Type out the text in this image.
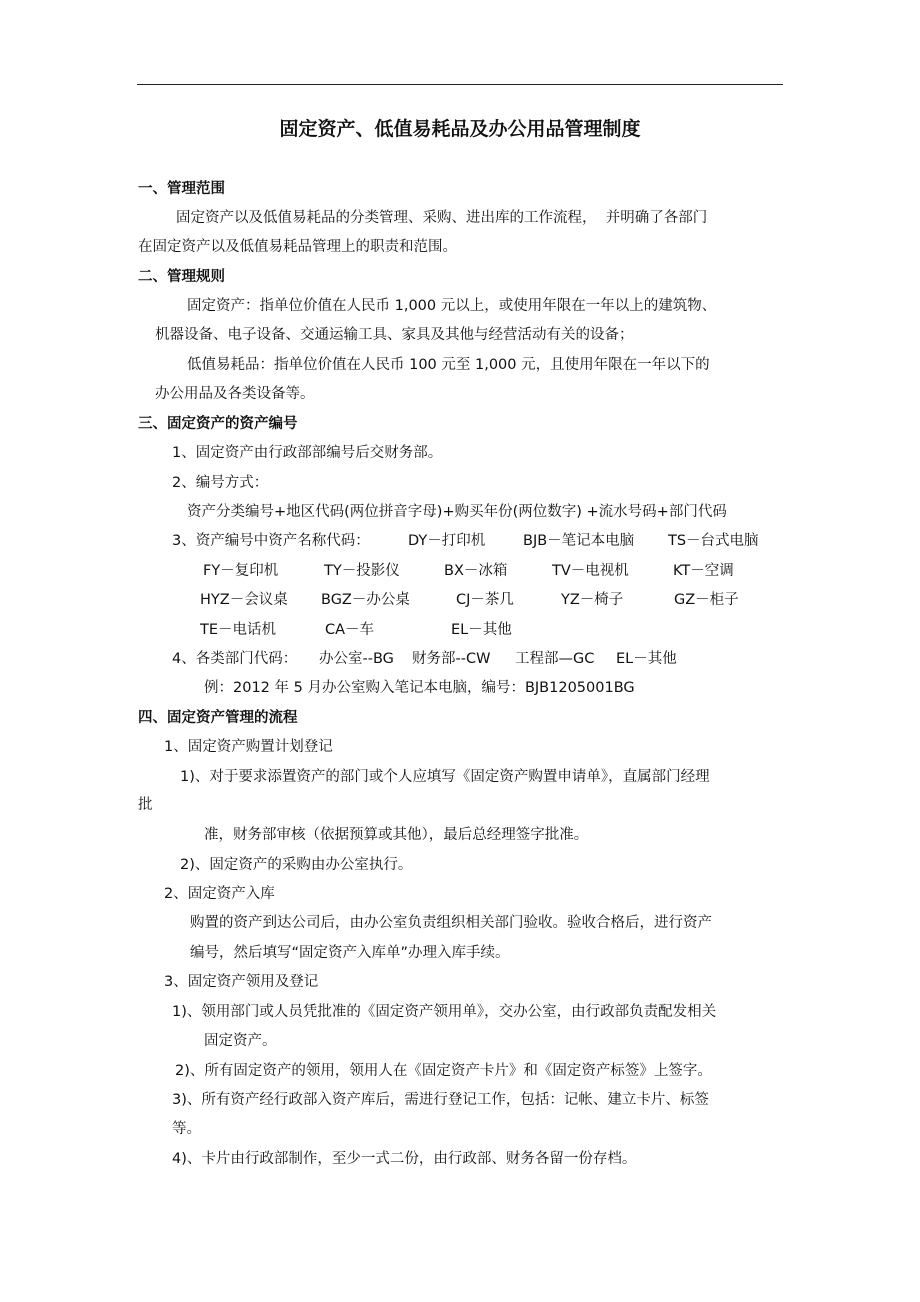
固定资产、低值易耗品及办公用品管理制度
一、管理范围
固定资产以及低值易耗品的分类管理、采购、进出库的工作流程，  并明确了各部门
在固定资产以及低值易耗品管理上的职责和范围。
二、管理规则
固定资产：指单位价值在人民币 1,000 元以上，或使用年限在一年以上的建筑物、
机器设备、电子设备、交通运输工具、家具及其他与经营活动有关的设备；
低值易耗品：指单位价值在人民币 100 元至 1,000 元，且使用年限在一年以下的
办公用品及各类设备等。
三、固定资产的资产编号
1、固定资产由行政部部编号后交财务部。
2、编号方式：
资产分类编号+地区代码(两位拼音字母)+购买年份(两位数字) +流水号码+部门代码
3、资产编号中资产名称代码：	DY－打印机	BJB－笔记本电脑 TS－台式电脑
FY－复印机	TY－投影仪	BX－冰箱	TV－电视机	KT－空调
HYZ－会议桌 BGZ－办公桌	CJ－茶几	YZ－椅子	GZ－柜子
TE－电话机	CA－车	EL－其他
4、各类部门代码： 办公室--BG 财务部--CW 工程部—GC EL－其他
例：2012 年 5 月办公室购入笔记本电脑，编号：BJB1205001BG
四、固定资产管理的流程
1、固定资产购置计划登记
1)、对于要求添置资产的部门或个人应填写《固定资产购置申请单》，直属部门经理
批
准，财务部审核（依据预算或其他），最后总经理签字批准。
2)、固定资产的采购由办公室执行。
2、固定资产入库
购置的资产到达公司后，由办公室负责组织相关部门验收。验收合格后，进行资产
编号，然后填写“固定资产入库单”办理入库手续。
3、固定资产领用及登记
1)、领用部门或人员凭批准的《固定资产领用单》，交办公室，由行政部负责配发相关
固定资产。
2)、所有固定资产的领用，领用人在《固定资产卡片》和《固定资产标签》上签字。
3)、所有资产经行政部入资产库后，需进行登记工作，包括：记帐、建立卡片、标签
等。
4)、卡片由行政部制作，至少一式二份，由行政部、财务各留一份存档。
